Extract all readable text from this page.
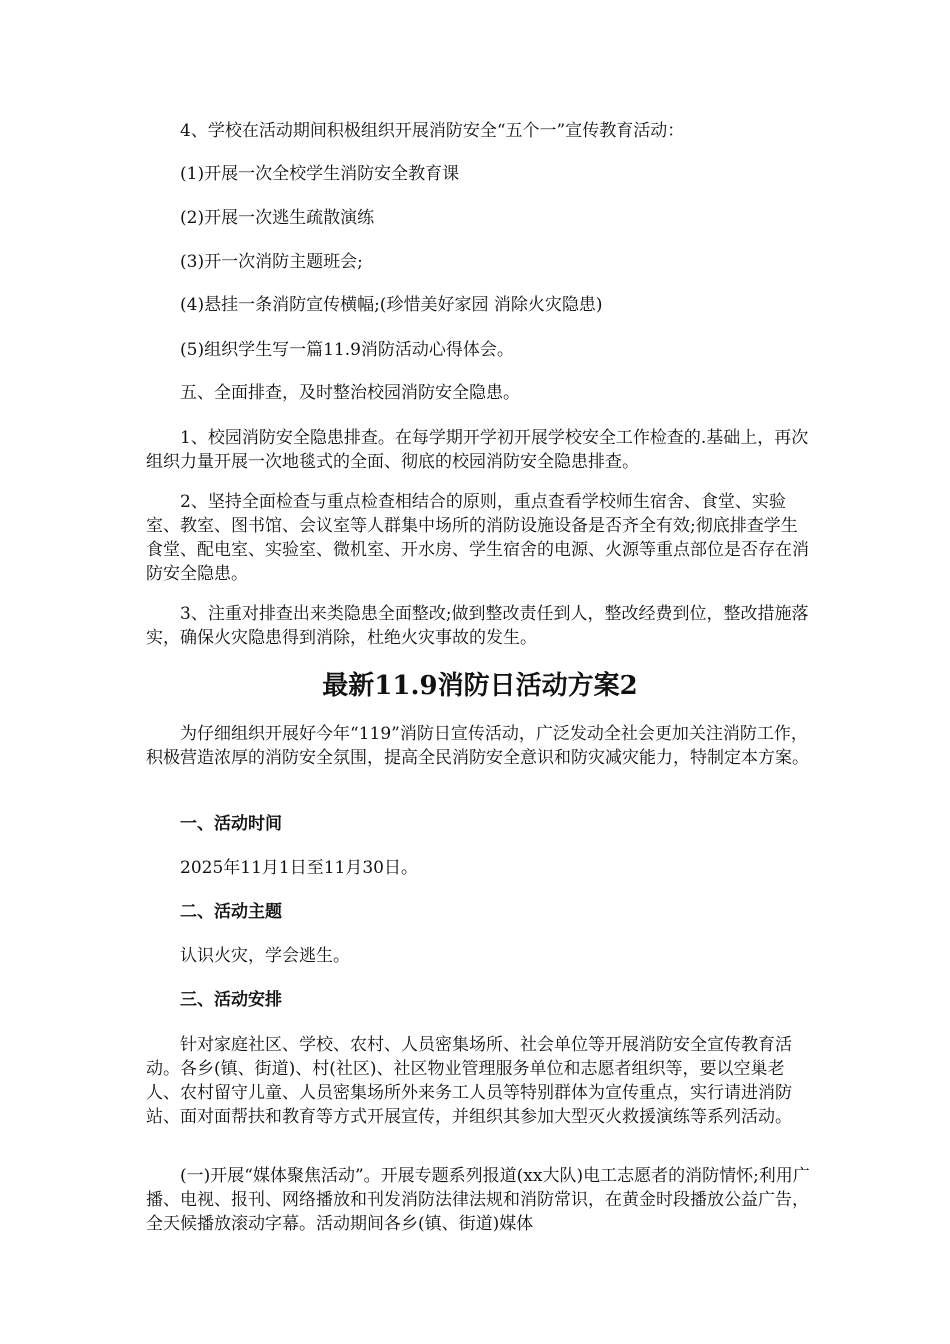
4、学校在活动期间积极组织开展消防安全“五个一”宣传教育活动：

(1)开展一次全校学生消防安全教育课

(2)开展一次逃生疏散演练

(3)开一次消防主题班会;

(4)悬挂一条消防宣传横幅;(珍惜美好家园 消除火灾隐患)

(5)组织学生写一篇11.9消防活动心得体会。

五、全面排查，及时整治校园消防安全隐患。

1、校园消防安全隐患排查。在每学期开学初开展学校安全工作检查的.基础上，再次组织力量开展一次地毯式的全面、彻底的校园消防安全隐患排查。

2、坚持全面检查与重点检查相结合的原则，重点查看学校师生宿舍、食堂、实验室、教室、图书馆、会议室等人群集中场所的消防设施设备是否齐全有效;彻底排查学生食堂、配电室、实验室、微机室、开水房、学生宿舍的电源、火源等重点部位是否存在消防安全隐患。

3、注重对排查出来类隐患全面整改;做到整改责任到人，整改经费到位，整改措施落实，确保火灾隐患得到消除，杜绝火灾事故的发生。

最新11.9消防日活动方案2

为仔细组织开展好今年“119”消防日宣传活动，广泛发动全社会更加关注消防工作，积极营造浓厚的消防安全氛围，提高全民消防安全意识和防灾减灾能力，特制定本方案。

一、活动时间

2025年11月1日至11月30日。

二、活动主题

认识火灾，学会逃生。

三、活动安排

针对家庭社区、学校、农村、人员密集场所、社会单位等开展消防安全宣传教育活动。各乡(镇、街道)、村(社区)、社区物业管理服务单位和志愿者组织等，要以空巢老人、农村留守儿童、人员密集场所外来务工人员等特别群体为宣传重点，实行请进消防站、面对面帮扶和教育等方式开展宣传，并组织其参加大型灭火救援演练等系列活动。

(一)开展“媒体聚焦活动”。开展专题系列报道(xx大队)电工志愿者的消防情怀;利用广播、电视、报刊、网络播放和刊发消防法律法规和消防常识，在黄金时段播放公益广告，全天候播放滚动字幕。活动期间各乡(镇、街道)媒体
